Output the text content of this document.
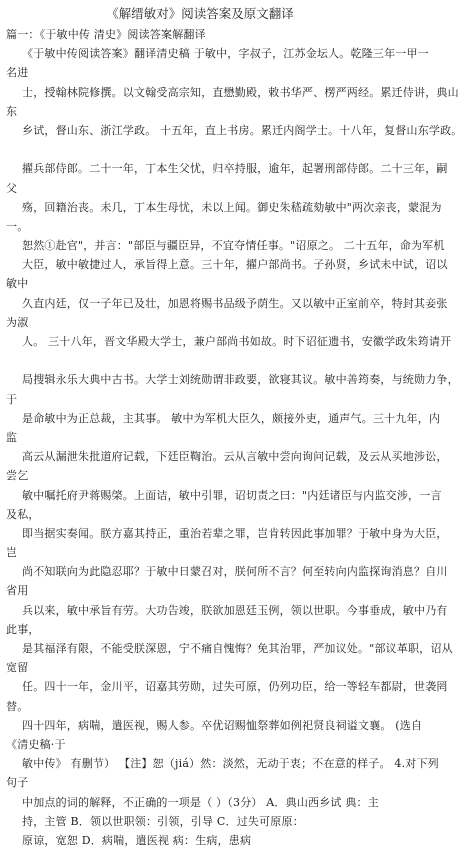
《解缙敏对》阅读答案及原文翻译
篇一：《于敏中传 清史》阅读答案解翻译
《于敏中传阅读答案》翻译清史稿 于敏中，字叔子，江苏金坛人。乾隆三年一甲一
名进
士，授翰林院修撰。以文翰受高宗知，直懋勤殿，敕书华严、楞严两经。累迁侍讲，典山
东
乡试，督山东、浙江学政。 十五年，直上书房。累迁内阁学士。十八年，复督山东学政。
擢兵部侍郎。二十一年，丁本生父忧，归卒持服，逾年，起署刑部侍郎。二十三年，嗣
父
殇，回籍治丧。未几，丁本生母忧，未以上闻。御史朱嵇疏劾敏中"两次亲丧，蒙混为
一。
恕然①赴官"，并言："部臣与疆臣异，不宜夺情任事。"诏原之。 二十五年，命为军机
大臣，敏中敏捷过人，承旨得上意。三十年，擢户部尚书。子孙贤，乡试未中试，诏以
敏中
久直内廷，仅一子年已及壮，加恩将赐书品级予荫生。又以敏中正室前卒，特封其妾张
为淑
人。 三十八年，晋文华殿大学士，兼户部尚书如故。时下诏征遗书，安徽学政朱筠请开
局搜辑永乐大典中古书。大学士刘统勋谓非政要，欲寝其议。敏中善筠奏，与统勋力争，
于
是命敏中为正总裁，主其事。 敏中为军机大臣久，颇接外吏，通声气。三十九年，内
监
高云从漏泄朱批道府记载，下廷臣鞫治。云从言敏中尝向询问记载，及云从买地涉讼，
尝乞
敏中嘱托府尹蒋赐棨。上面诘，敏中引罪，诏切责之曰："内廷诸臣与内监交涉，一言
及私，
即当据实奏闻。朕方嘉其持正，重治若辈之罪，岂肯转因此事加罪？于敏中身为大臣，
岂
尚不知联向为此隐忍耶？于敏中日蒙召对，朕何所不言？何至转向内监探询消息？自川
省用
兵以来，敏中承旨有劳。大功告竣，朕欲加恩廷玉例，领以世职。今事垂成，敏中乃有
此事，
是其福泽有限，不能受朕深恩，宁不痛自愧悔？免其治罪，严加议处。"部议革职，诏从
宽留
任。四十一年，金川平，诏嘉其劳勋，过失可原，仍列功臣，给一等轻车都尉，世袭罔
替。
四十四年，病喘，遣医视，赐人参。卒优诏赐恤祭葬如例祀贤良祠谥文襄。 (选自
《清史稿·于
敏中传》 有删节） 【注】恕（jiá）然：淡然，无动于衷；不在意的样子。 4.对下列
句子
中加点的词的解释，不正确的一项是（ ）（3分） A．典山西乡试 典：主
持，主管 B．领以世职领：引领，引导 C．过失可原原：
原谅，宽恕 D．病喘，遣医视 病：生病，患病
